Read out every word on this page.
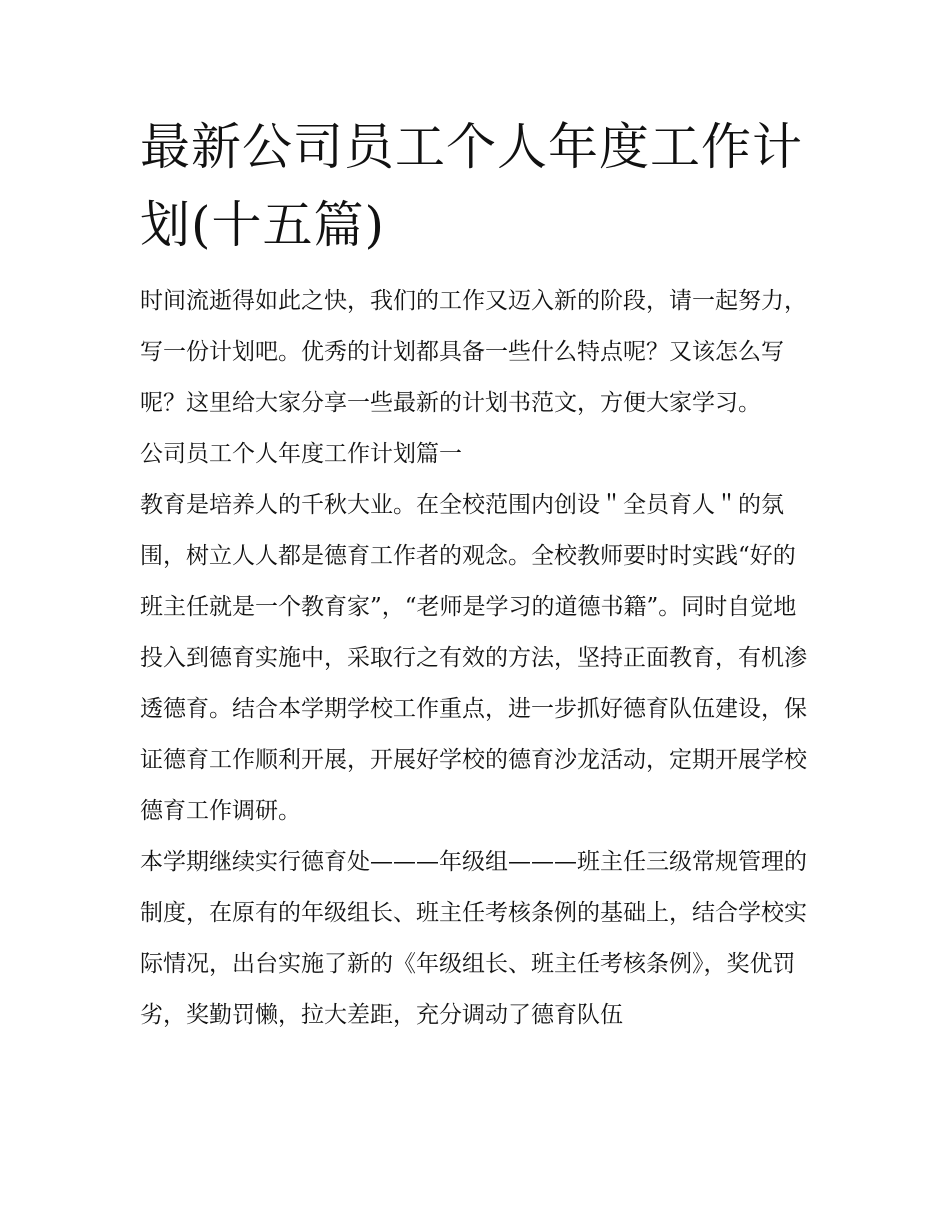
最新公司员工个人年度工作计划(十五篇)

时间流逝得如此之快，我们的工作又迈入新的阶段，请一起努力，写一份计划吧。优秀的计划都具备一些什么特点呢？又该怎么写呢？这里给大家分享一些最新的计划书范文，方便大家学习。

公司员工个人年度工作计划篇一

教育是培养人的千秋大业。在全校范围内创设＂全员育人＂的氛围，树立人人都是德育工作者的观念。全校教师要时时实践“好的班主任就是一个教育家”，“老师是学习的道德书籍”。同时自觉地投入到德育实施中，采取行之有效的方法，坚持正面教育，有机渗透德育。结合本学期学校工作重点，进一步抓好德育队伍建设，保证德育工作顺利开展，开展好学校的德育沙龙活动，定期开展学校德育工作调研。

本学期继续实行德育处———年级组———班主任三级常规管理的制度，在原有的年级组长、班主任考核条例的基础上，结合学校实际情况，出台实施了新的《年级组长、班主任考核条例》，奖优罚劣，奖勤罚懒，拉大差距，充分调动了德育队伍
